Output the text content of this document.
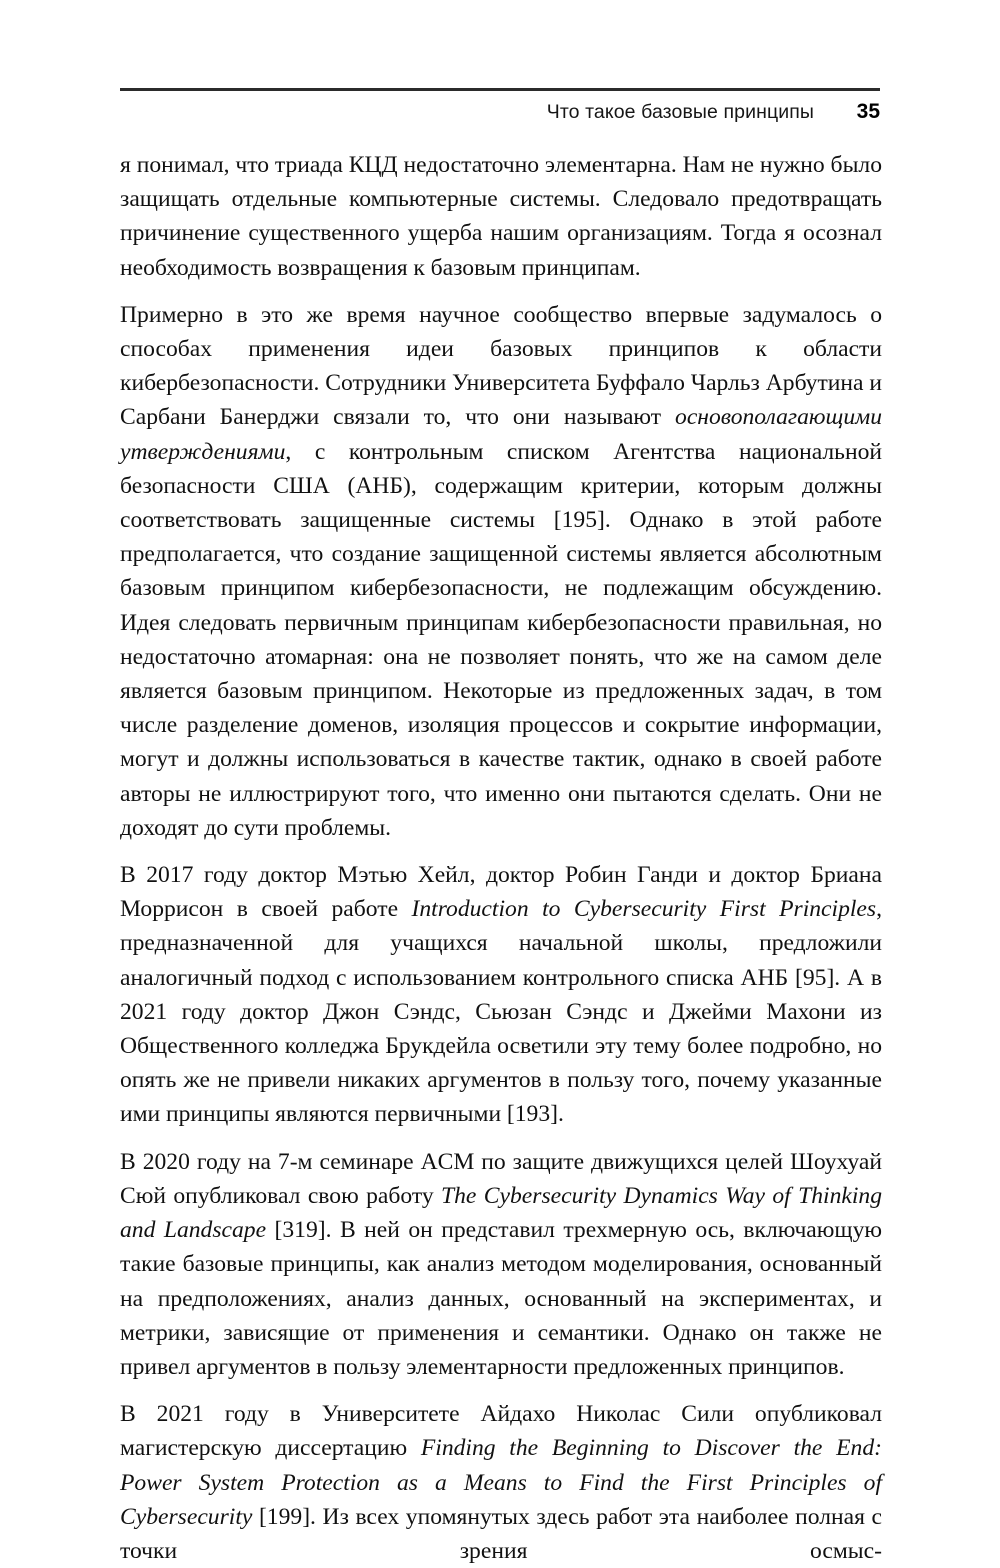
Что такое базовые принципы	35

я понимал, что триада КЦД недостаточно элементарна. Нам не нужно было защищать отдельные компьютерные системы. Следовало предотвращать причинение существенного ущерба нашим организациям. Тогда я осознал необходимость возвращения к базовым принципам.

Примерно в это же время научное сообщество впервые задумалось о способах применения идеи базовых принципов к области кибербезопасности. Сотрудники Университета Буффало Чарльз Арбутина и Сарбани Банерджи связали то, что они называют основополагающими утверждениями, с контрольным списком Агентства национальной безопасности США (АНБ), содержащим критерии, которым должны соответствовать защищенные системы [195]. Однако в этой работе предполагается, что создание защищенной системы является абсолютным базовым принципом кибербезопасности, не подлежащим обсуждению. Идея следовать первичным принципам кибербезопасности правильная, но недостаточно атомарная: она не позволяет понять, что же на самом деле является базовым принципом. Некоторые из предложенных задач, в том числе разделение доменов, изоляция процессов и сокрытие информации, могут и должны использоваться в качестве тактик, однако в своей работе авторы не иллюстрируют того, что именно они пытаются сделать. Они не доходят до сути проблемы.

В 2017 году доктор Мэтью Хейл, доктор Робин Ганди и доктор Бриана Моррисон в своей работе Introduction to Cybersecurity First Principles, предназначенной для учащихся начальной школы, предложили аналогичный подход с использованием контрольного списка АНБ [95]. А в 2021 году доктор Джон Сэндс, Сьюзан Сэндс и Джейми Махони из Общественного колледжа Брукдейла осветили эту тему более подробно, но опять же не привели никаких аргументов в пользу того, почему указанные ими принципы являются первичными [193].

В 2020 году на 7-м семинаре ACM по защите движущихся целей Шоухуай Сюй опубликовал свою работу The Cybersecurity Dynamics Way of Thinking and Landscape [319]. В ней он представил трехмерную ось, включающую такие базовые принципы, как анализ методом моделирования, основанный на предположениях, анализ данных, основанный на экспериментах, и метрики, зависящие от применения и семантики. Однако он также не привел аргументов в пользу элементарности предложенных принципов.

В 2021 году в Университете Айдахо Николас Сили опубликовал магистерскую диссертацию Finding the Beginning to Discover the End: Power System Protection as a Means to Find the First Principles of Cybersecurity [199]. Из всех упомянутых здесь работ эта наиболее полная с точки зрения осмыс-
